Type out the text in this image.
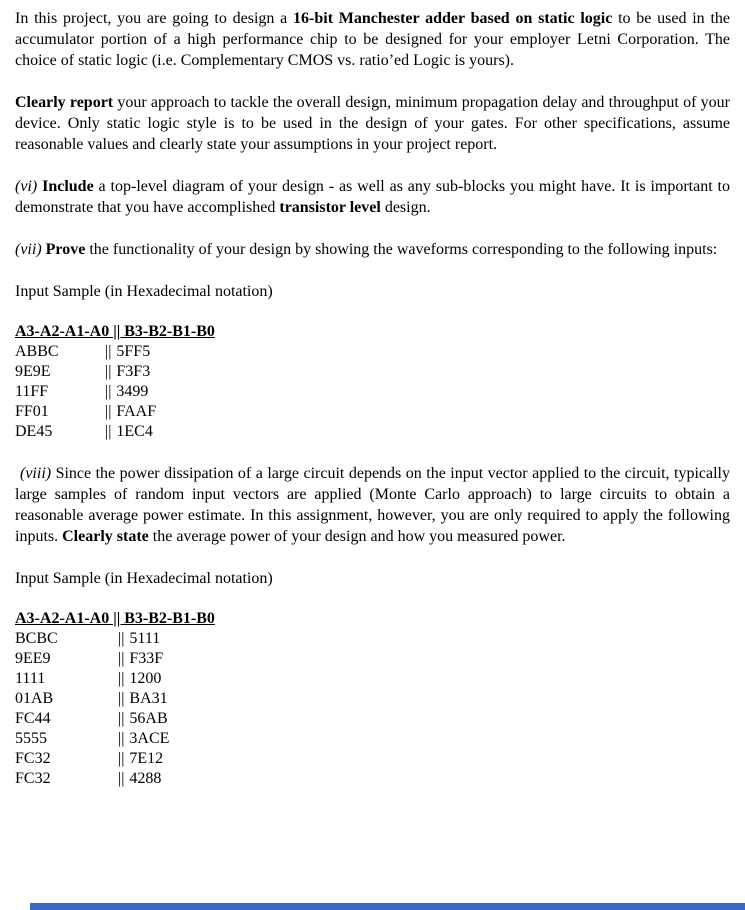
In this project, you are going to design a 16-bit Manchester adder based on static logic to be used in the accumulator portion of a high performance chip to be designed for your employer Letni Corporation. The choice of static logic (i.e. Complementary CMOS vs. ratio’ed Logic is yours).

Clearly report your approach to tackle the overall design, minimum propagation delay and throughput of your device. Only static logic style is to be used in the design of your gates. For other specifications, assume reasonable values and clearly state your assumptions in your project report.

(vi) Include a top-level diagram of your design - as well as any sub-blocks you might have. It is important to demonstrate that you have accomplished transistor level design.

(vii) Prove the functionality of your design by showing the waveforms corresponding to the following inputs:

Input Sample (in Hexadecimal notation)

A3-A2-A1-A0 || B3-B2-B1-B0
ABBC	|| 5FF5
9E9E	|| F3F3
11FF	|| 3499
FF01	|| FAAF
DE45	|| 1EC4

(viii) Since the power dissipation of a large circuit depends on the input vector applied to the circuit, typically large samples of random input vectors are applied (Monte Carlo approach) to large circuits to obtain a reasonable average power estimate. In this assignment, however, you are only required to apply the following inputs. Clearly state the average power of your design and how you measured power.

Input Sample (in Hexadecimal notation)

A3-A2-A1-A0 || B3-B2-B1-B0
BCBC	|| 5111
9EE9	|| F33F
1111	|| 1200
01AB	|| BA31
FC44	|| 56AB
5555	|| 3ACE
FC32	|| 7E12
FC32	|| 4288
